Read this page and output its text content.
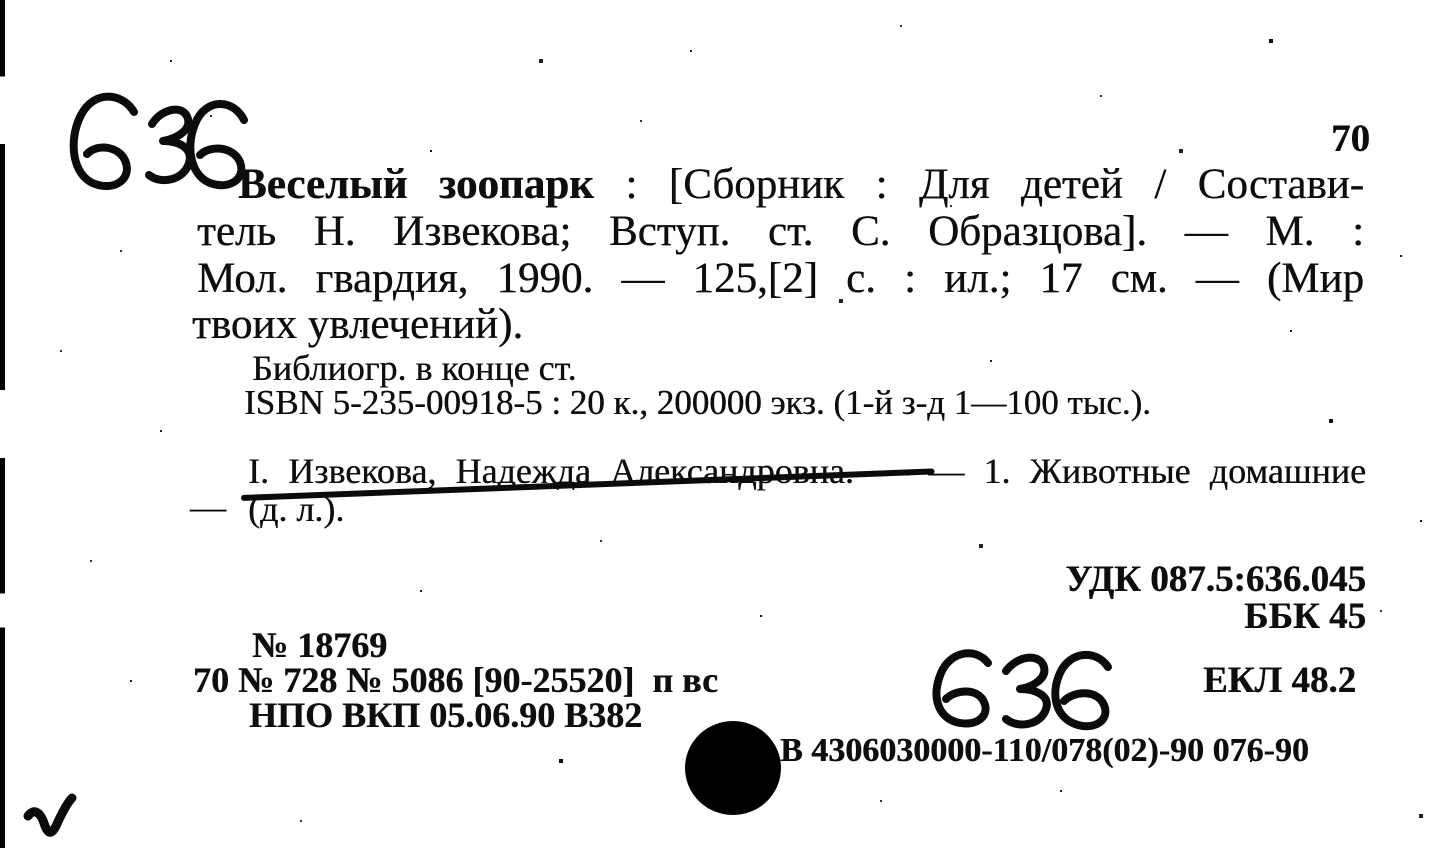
70
Веселый зоопарк : [Сборник : Для детей / Состави-
тель Н. Извекова; Вступ. ст. С. Образцова]. — М. :
Мол. гвардия, 1990. — 125,[2] с. : ил.; 17 см. — (Мир
твоих увлечений).
Библиогр. в конце ст.
ISBN 5-235-00918-5 : 20 к., 200000 экз. (1-й з-д 1—100 тыс.).
I. Извекова, Надежда Александровна. — — 1. Животные домашние
— (д. л.).
УДК 087.5:636.045
ББК 45
№ 18769
70 № 728 № 5086 [90-25520]  п вс
НПО ВКП 05.06.90 В382
ЕКЛ 48.2
В 4306030000-110/078(02)-90 076-90
